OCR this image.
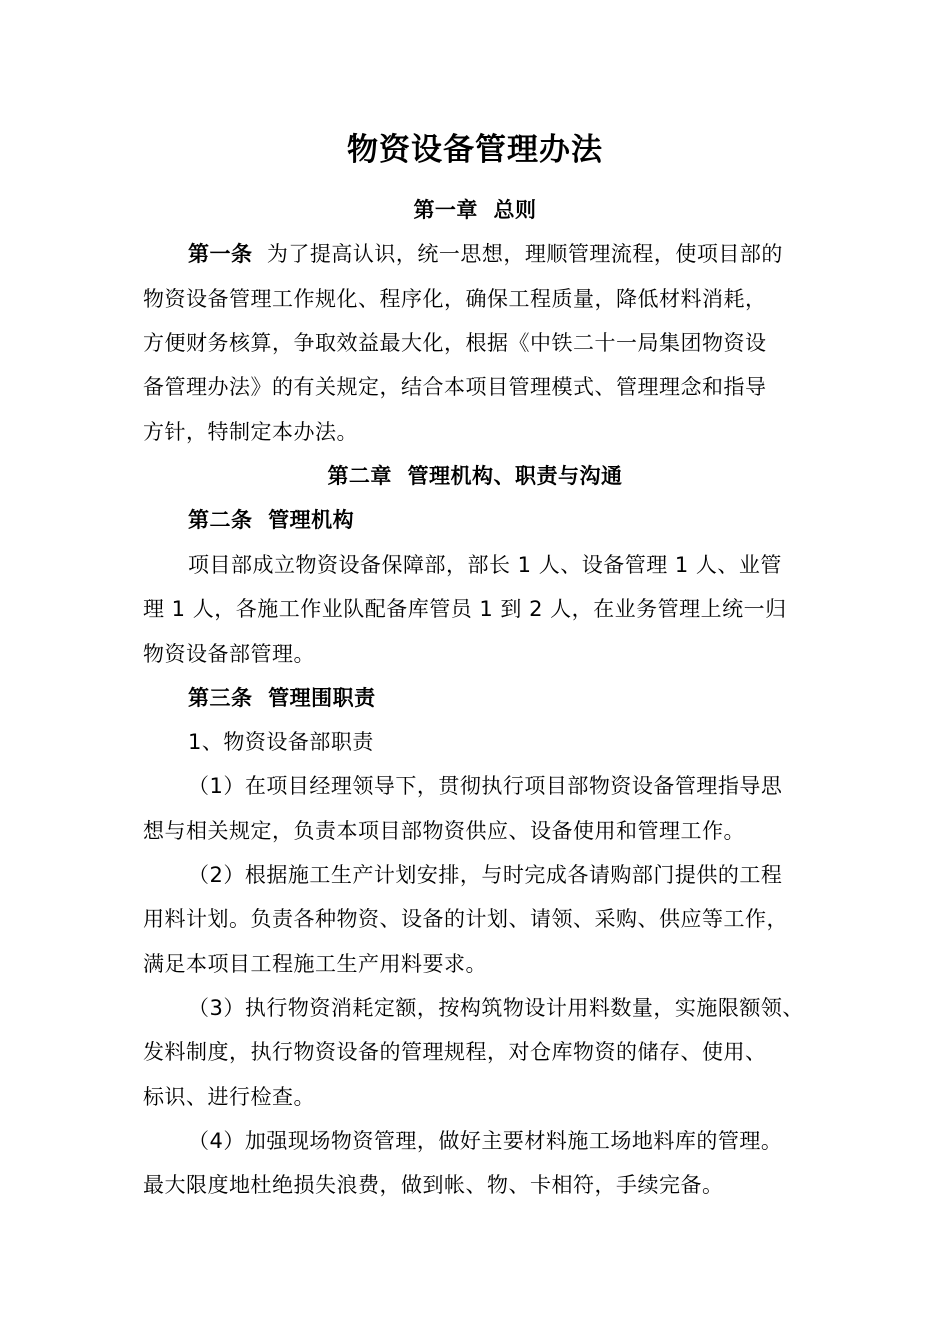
物资设备管理办法
第一章  总则
第一条  为了提高认识，统一思想，理顺管理流程，使项目部的
物资设备管理工作规化、程序化，确保工程质量，降低材料消耗，
方便财务核算，争取效益最大化，根据《中铁二十一局集团物资设
备管理办法》的有关规定，结合本项目管理模式、管理理念和指导
方针，特制定本办法。
第二章  管理机构、职责与沟通
第二条  管理机构
项目部成立物资设备保障部，部长 1 人、设备管理 1 人、业管
理 1 人，各施工作业队配备库管员 1 到 2 人，在业务管理上统一归
物资设备部管理。
第三条  管理围职责
1、物资设备部职责
（1）在项目经理领导下，贯彻执行项目部物资设备管理指导思
想与相关规定，负责本项目部物资供应、设备使用和管理工作。
（2）根据施工生产计划安排，与时完成各请购部门提供的工程
用料计划。负责各种物资、设备的计划、请领、采购、供应等工作，
满足本项目工程施工生产用料要求。
（3）执行物资消耗定额，按构筑物设计用料数量，实施限额领、
发料制度，执行物资设备的管理规程，对仓库物资的储存、使用、
标识、进行检查。
（4）加强现场物资管理，做好主要材料施工场地料库的管理。
最大限度地杜绝损失浪费，做到帐、物、卡相符，手续完备。
